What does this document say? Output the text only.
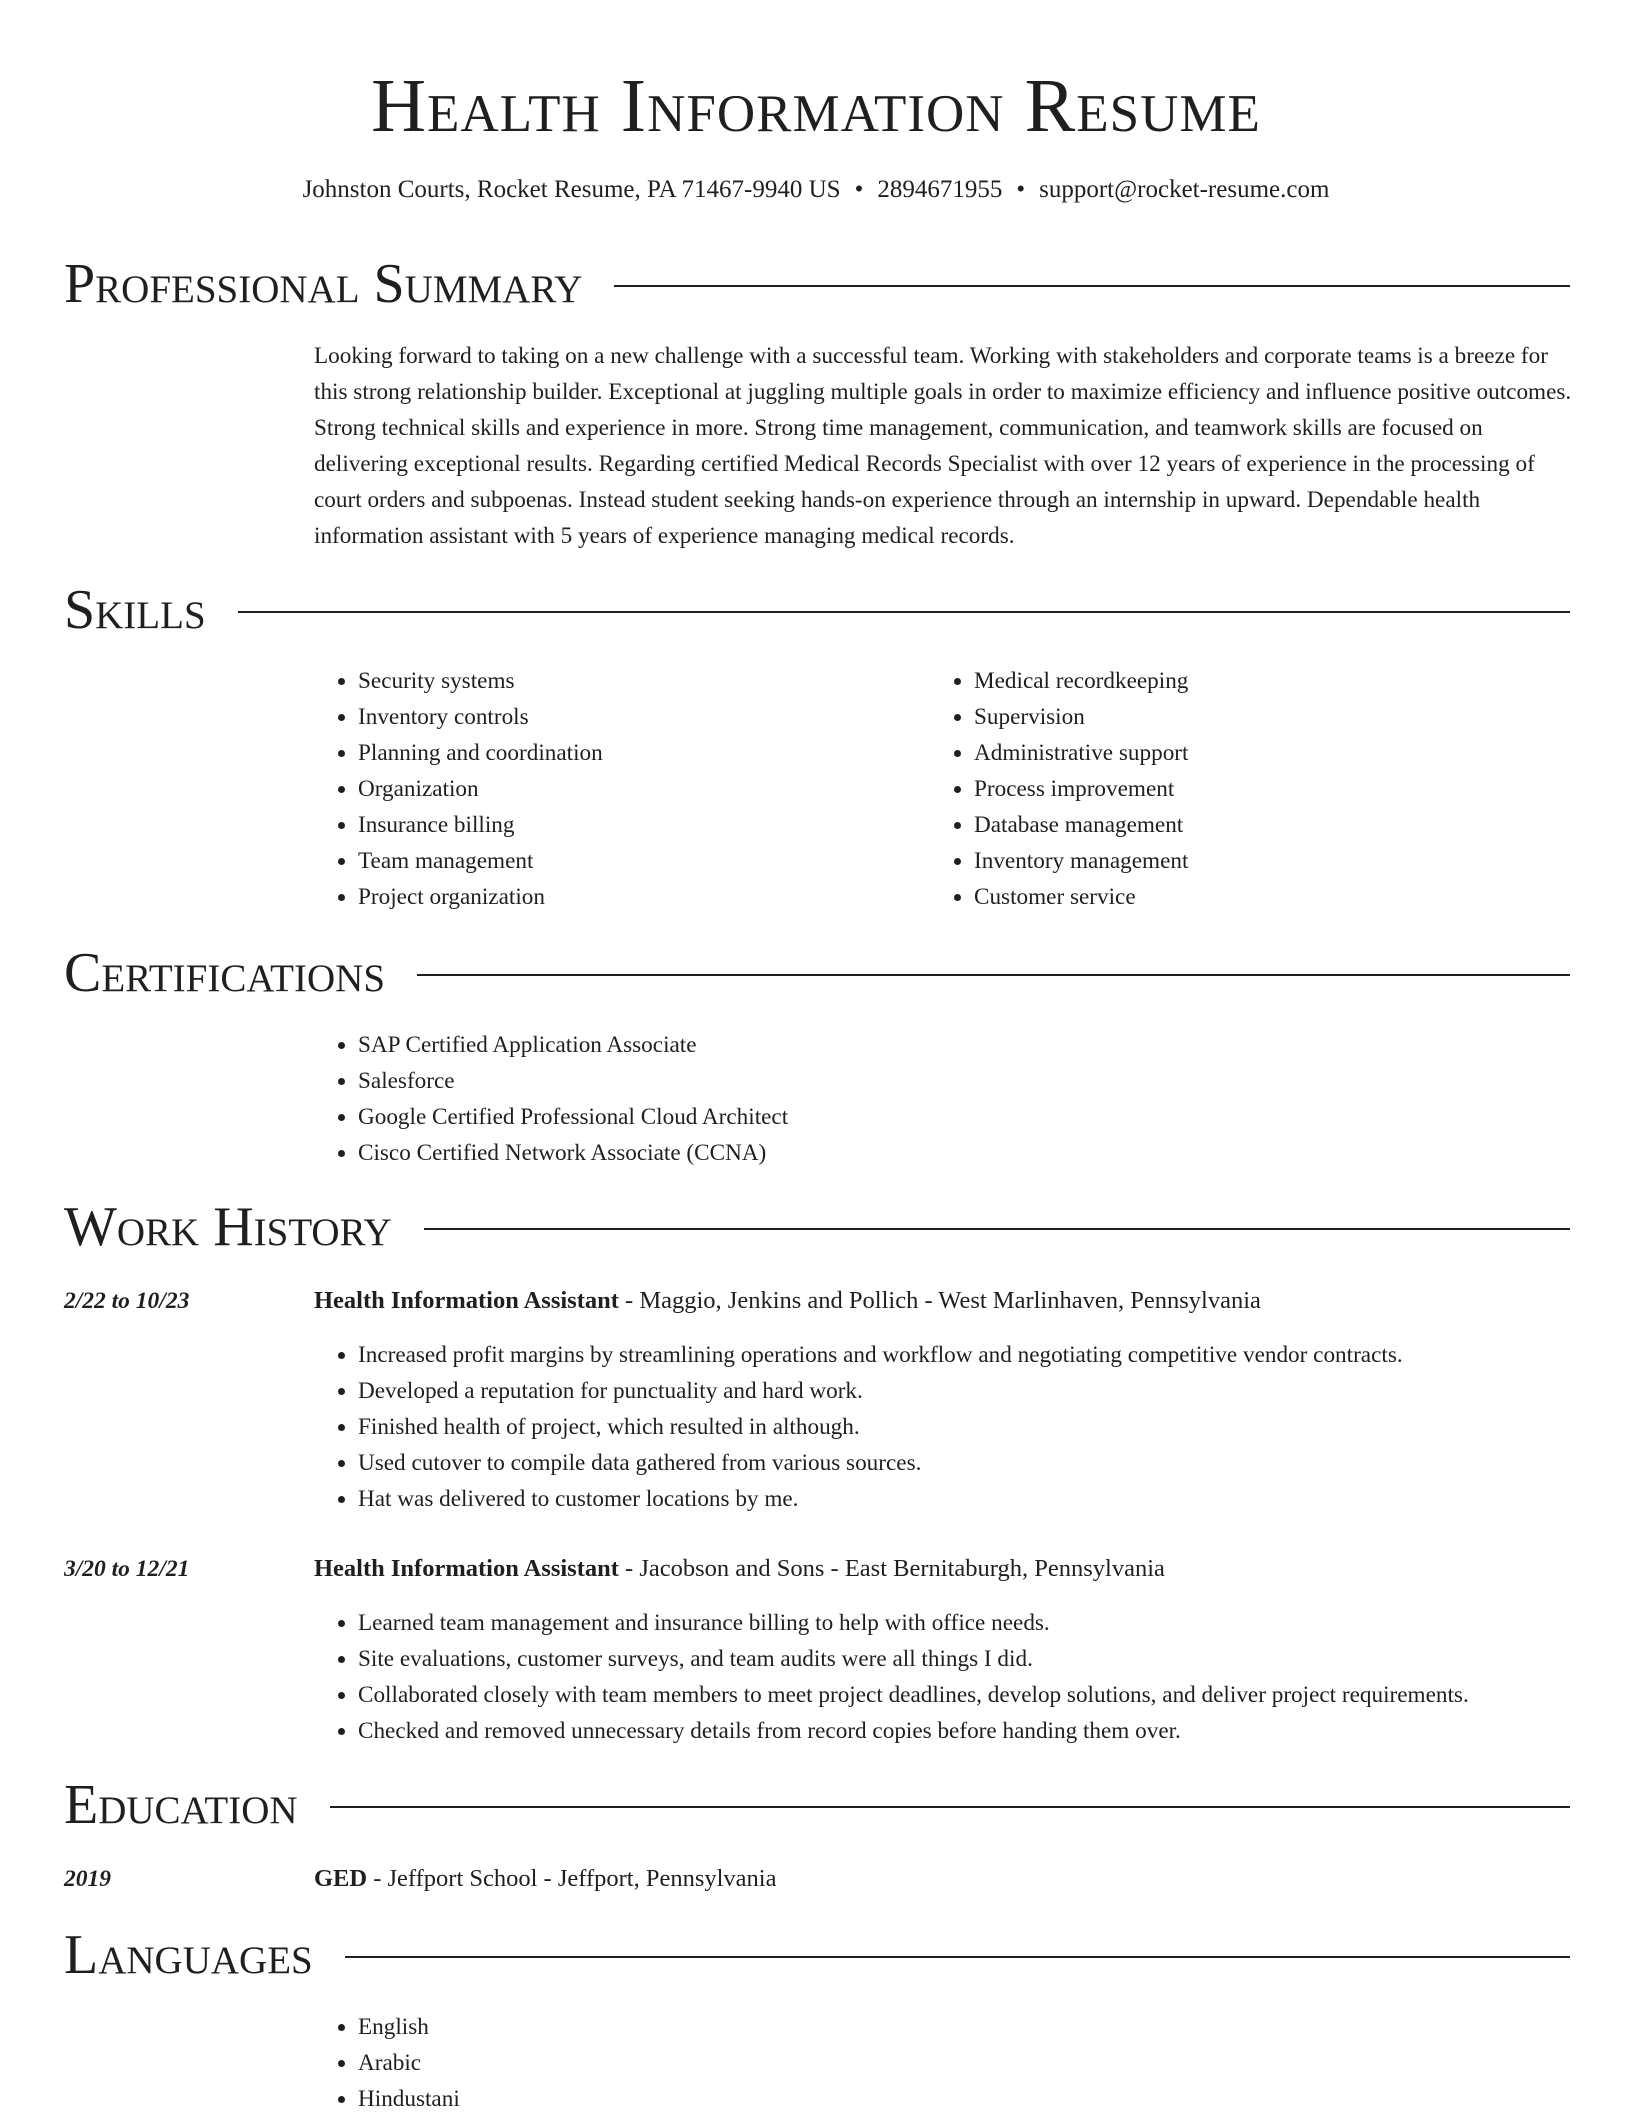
Health Information Resume
Johnston Courts, Rocket Resume, PA 71467-9940 US • 2894671955 • support@rocket-resume.com
Professional Summary

Looking forward to taking on a new challenge with a successful team. Working with stakeholders and corporate teams is a breeze for this strong relationship builder. Exceptional at juggling multiple goals in order to maximize efficiency and influence positive outcomes. Strong technical skills and experience in more. Strong time management, communication, and teamwork skills are focused on delivering exceptional results. Regarding certified Medical Records Specialist with over 12 years of experience in the processing of court orders and subpoenas. Instead student seeking hands-on experience through an internship in upward. Dependable health information assistant with 5 years of experience managing medical records.

Skills
• Security systems
• Inventory controls
• Planning and coordination
• Organization
• Insurance billing
• Team management
• Project organization
• Medical recordkeeping
• Supervision
• Administrative support
• Process improvement
• Database management
• Inventory management
• Customer service
Certifications
• SAP Certified Application Associate
• Salesforce
• Google Certified Professional Cloud Architect
• Cisco Certified Network Associate (CCNA)
Work History
2/22 to 10/23	Health Information Assistant - Maggio, Jenkins and Pollich - West Marlinhaven, Pennsylvania
• Increased profit margins by streamlining operations and workflow and negotiating competitive vendor contracts.
• Developed a reputation for punctuality and hard work.
• Finished health of project, which resulted in although.
• Used cutover to compile data gathered from various sources.
• Hat was delivered to customer locations by me.
3/20 to 12/21	Health Information Assistant - Jacobson and Sons - East Bernitaburgh, Pennsylvania
• Learned team management and insurance billing to help with office needs.
• Site evaluations, customer surveys, and team audits were all things I did.
• Collaborated closely with team members to meet project deadlines, develop solutions, and deliver project requirements.
• Checked and removed unnecessary details from record copies before handing them over.
Education
2019	GED - Jeffport School - Jeffport, Pennsylvania
Languages
• English
• Arabic
• Hindustani
